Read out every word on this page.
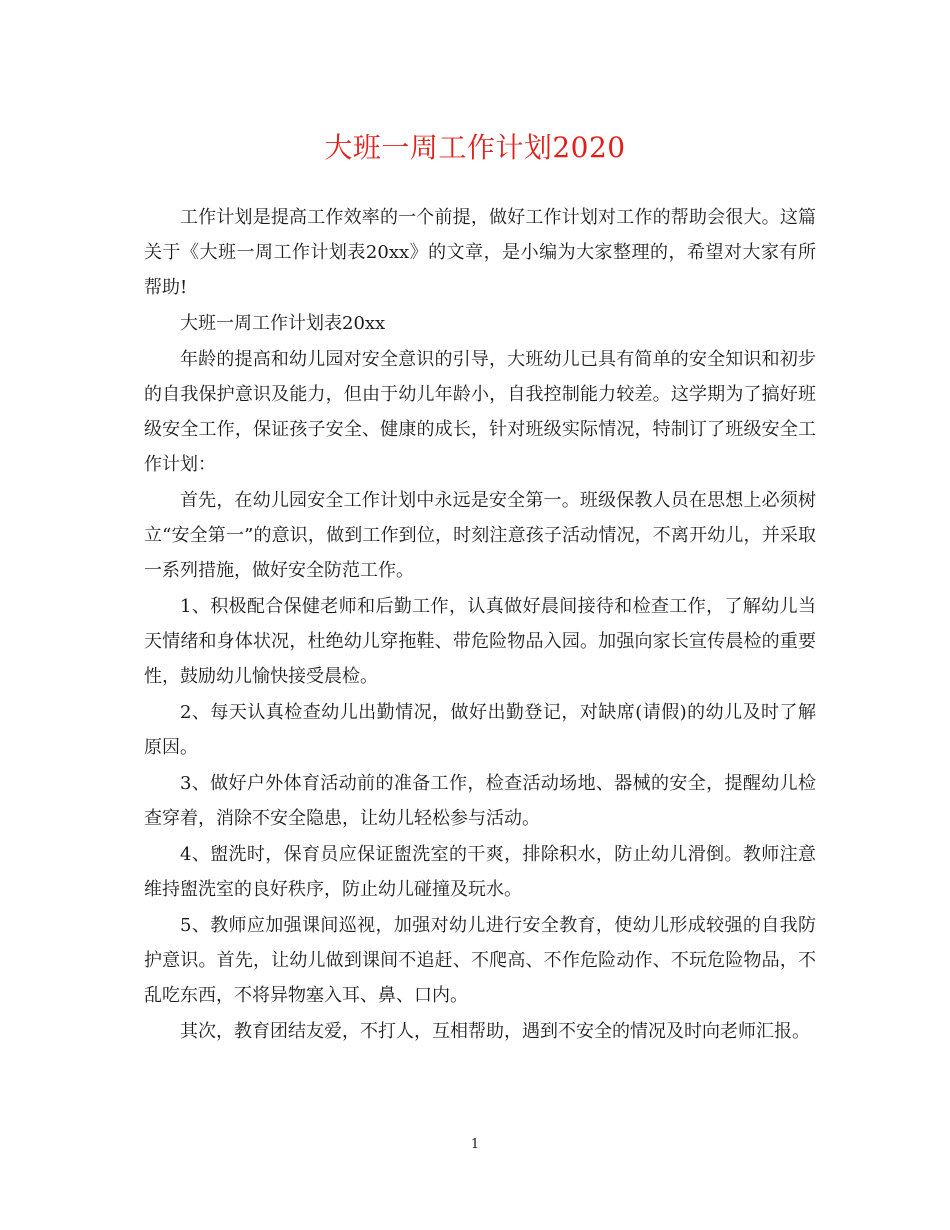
大班一周工作计划2020

工作计划是提高工作效率的一个前提，做好工作计划对工作的帮助会很大。这篇关于《大班一周工作计划表20xx》的文章，是小编为大家整理的，希望对大家有所帮助!

大班一周工作计划表20xx

年龄的提高和幼儿园对安全意识的引导，大班幼儿已具有简单的安全知识和初步的自我保护意识及能力，但由于幼儿年龄小，自我控制能力较差。这学期为了搞好班级安全工作，保证孩子安全、健康的成长，针对班级实际情况，特制订了班级安全工作计划：

首先，在幼儿园安全工作计划中永远是安全第一。班级保教人员在思想上必须树立“安全第一”的意识，做到工作到位，时刻注意孩子活动情况，不离开幼儿，并采取一系列措施，做好安全防范工作。

1、积极配合保健老师和后勤工作，认真做好晨间接待和检查工作，了解幼儿当天情绪和身体状况，杜绝幼儿穿拖鞋、带危险物品入园。加强向家长宣传晨检的重要性，鼓励幼儿愉快接受晨检。

2、每天认真检查幼儿出勤情况，做好出勤登记，对缺席(请假)的幼儿及时了解原因。

3、做好户外体育活动前的准备工作，检查活动场地、器械的安全，提醒幼儿检查穿着，消除不安全隐患，让幼儿轻松参与活动。

4、盥洗时，保育员应保证盥洗室的干爽，排除积水，防止幼儿滑倒。教师注意维持盥洗室的良好秩序，防止幼儿碰撞及玩水。

5、教师应加强课间巡视，加强对幼儿进行安全教育，使幼儿形成较强的自我防护意识。首先，让幼儿做到课间不追赶、不爬高、不作危险动作、不玩危险物品，不乱吃东西，不将异物塞入耳、鼻、口内。

其次，教育团结友爱，不打人，互相帮助，遇到不安全的情况及时向老师汇报。

1
